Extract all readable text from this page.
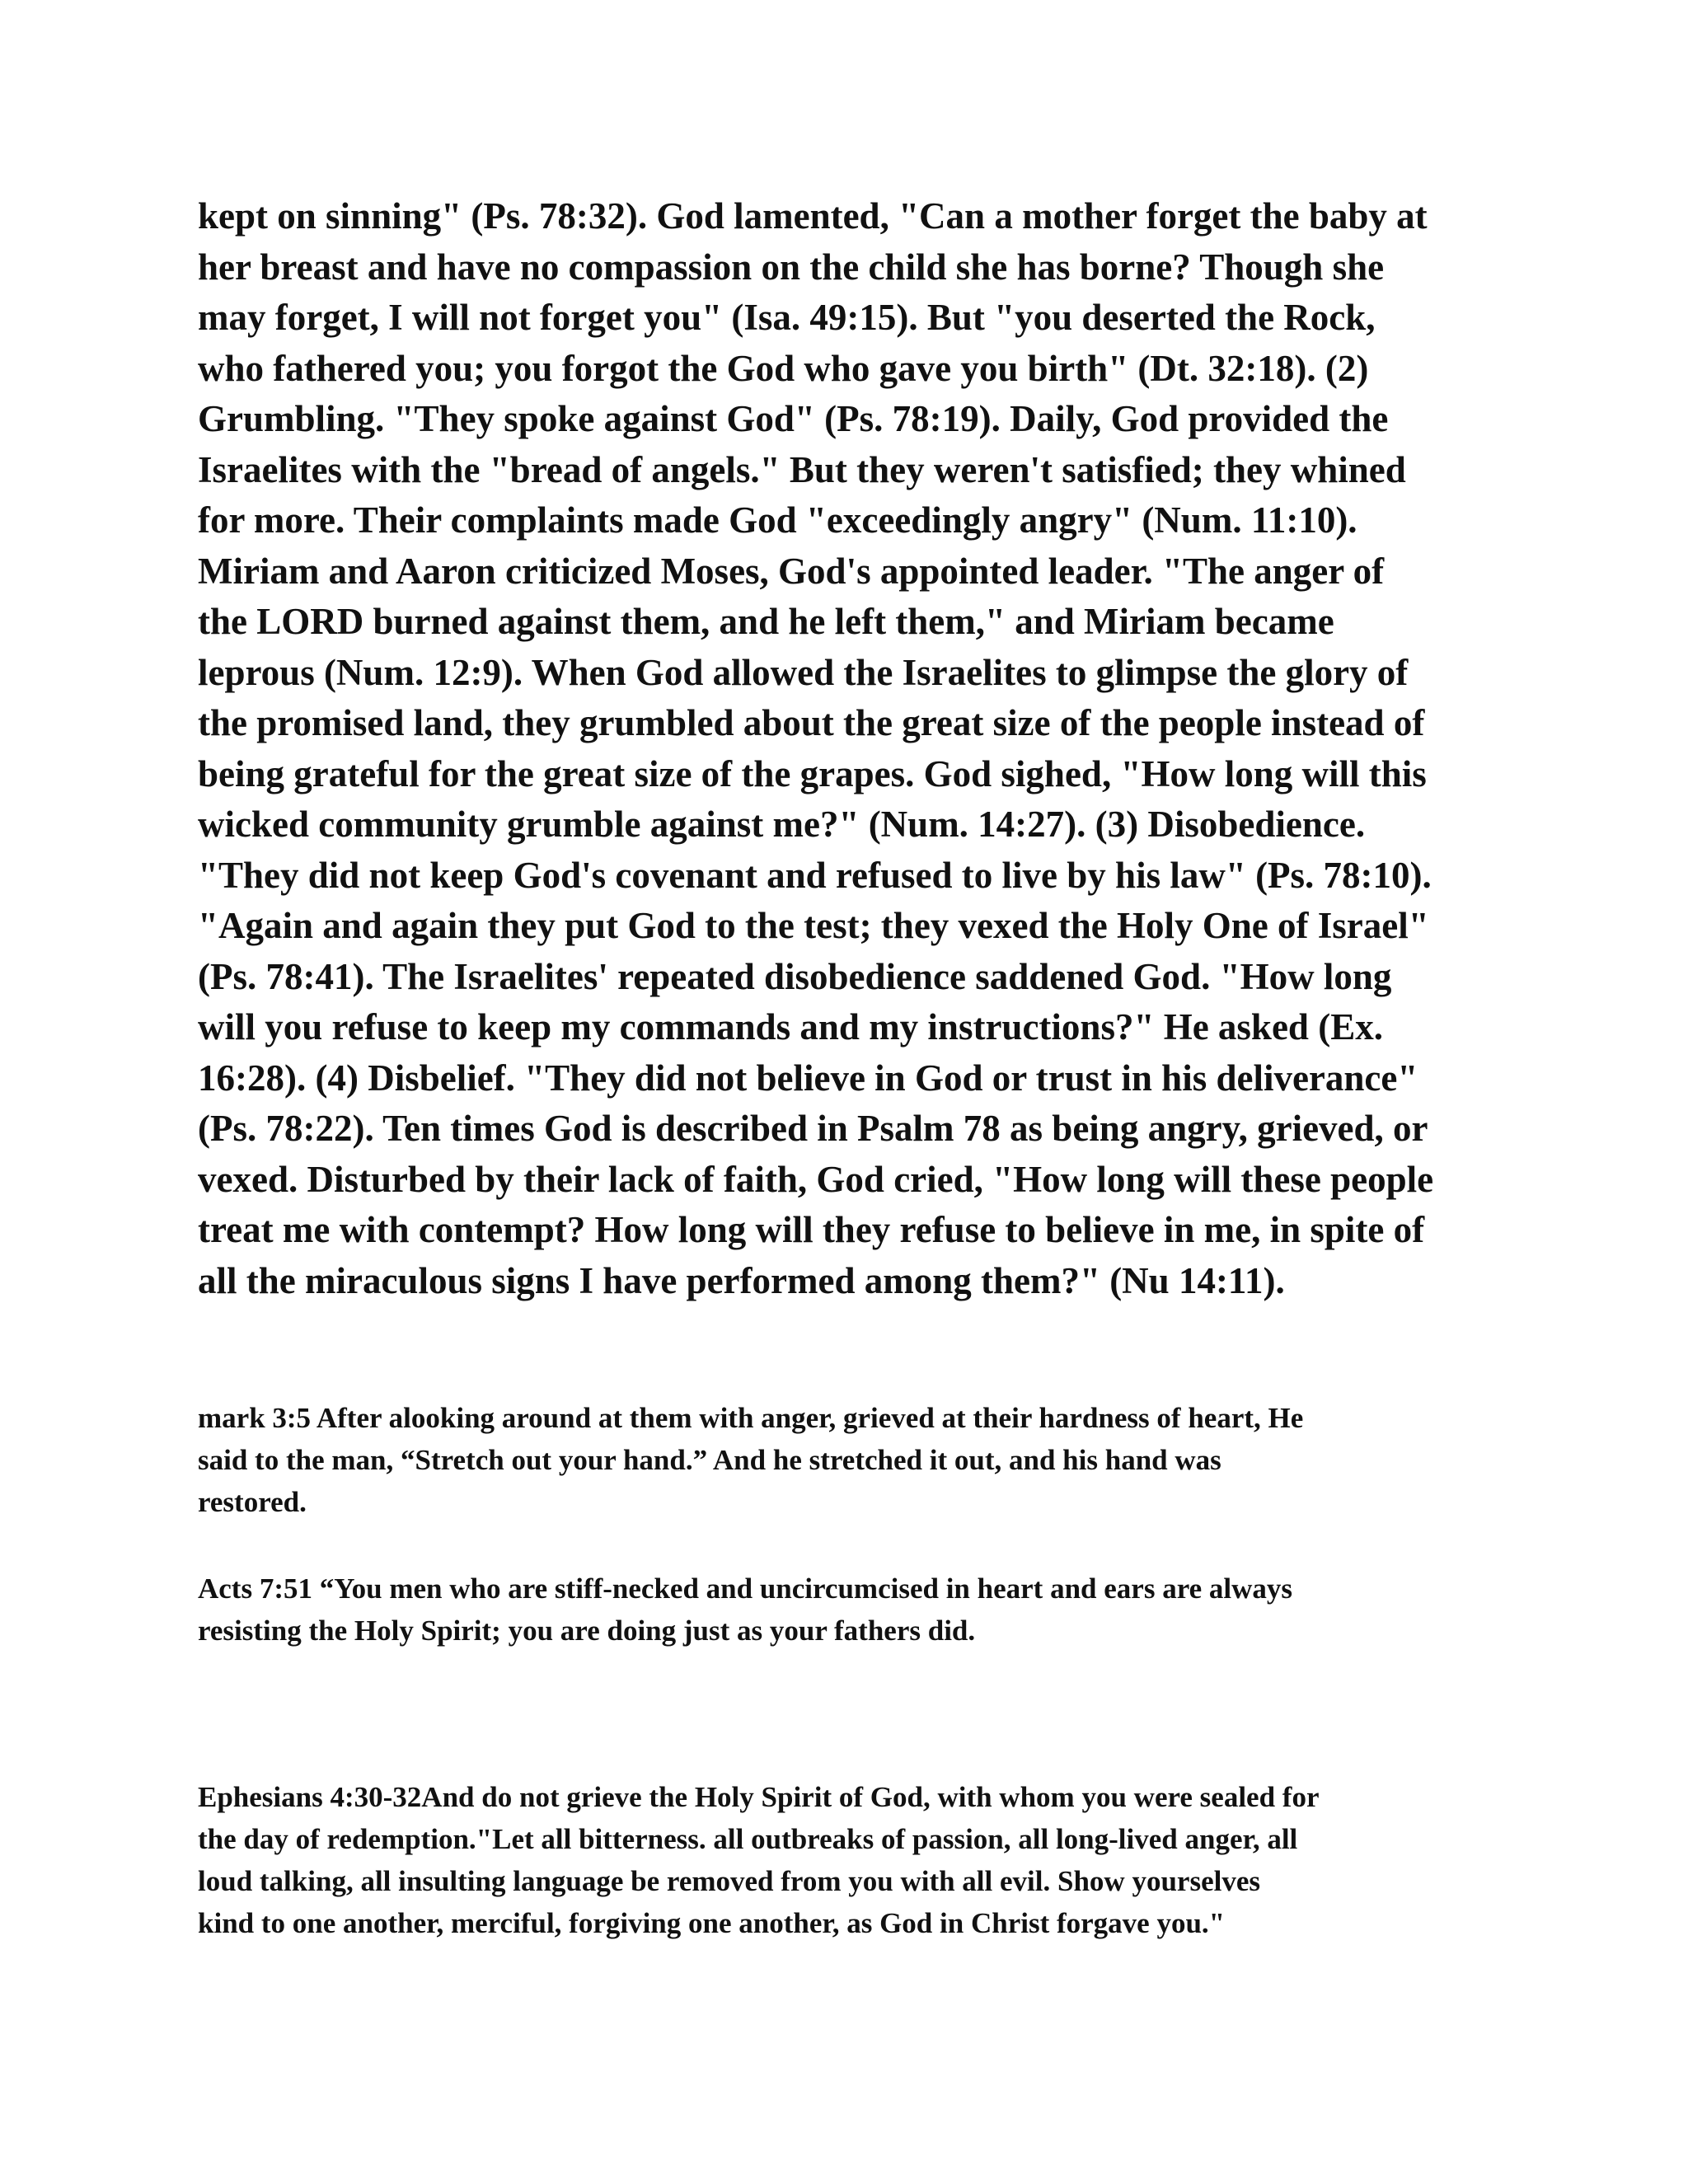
kept on sinning" (Ps. 78:32). God lamented, "Can a mother forget the baby at
her breast and have no compassion on the child she has borne? Though she
may forget, I will not forget you" (Isa. 49:15). But "you deserted the Rock,
who fathered you; you forgot the God who gave you birth" (Dt. 32:18). (2)
Grumbling. "They spoke against God" (Ps. 78:19). Daily, God provided the
Israelites with the "bread of angels." But they weren't satisfied; they whined
for more. Their complaints made God "exceedingly angry" (Num. 11:10).
Miriam and Aaron criticized Moses, God's appointed leader. "The anger of
the LORD burned against them, and he left them," and Miriam became
leprous (Num. 12:9). When God allowed the Israelites to glimpse the glory of
the promised land, they grumbled about the great size of the people instead of
being grateful for the great size of the grapes. God sighed, "How long will this
wicked community grumble against me?" (Num. 14:27). (3) Disobedience.
"They did not keep God's covenant and refused to live by his law" (Ps. 78:10).
"Again and again they put God to the test; they vexed the Holy One of Israel"
(Ps. 78:41). The Israelites' repeated disobedience saddened God. "How long
will you refuse to keep my commands and my instructions?" He asked (Ex.
16:28). (4) Disbelief. "They did not believe in God or trust in his deliverance"
(Ps. 78:22). Ten times God is described in Psalm 78 as being angry, grieved, or
vexed. Disturbed by their lack of faith, God cried, "How long will these people
treat me with contempt? How long will they refuse to believe in me, in spite of
all the miraculous signs I have performed among them?" (Nu 14:11).
mark 3:5 After alooking around at them with anger, grieved at their hardness of heart, He
said to the man, “Stretch out your hand.” And he stretched it out, and his hand was
restored.
Acts 7:51 “You men who are stiff-necked and uncircumcised in heart and ears are always
resisting the Holy Spirit; you are doing just as your fathers did.
Ephesians 4:30-32And do not grieve the Holy Spirit of God, with whom you were sealed for
the day of redemption."Let all bitterness. all outbreaks of passion, all long-lived anger, all
loud talking, all insulting language be removed from you with all evil. Show yourselves
kind to one another, merciful, forgiving one another, as God in Christ forgave you."
